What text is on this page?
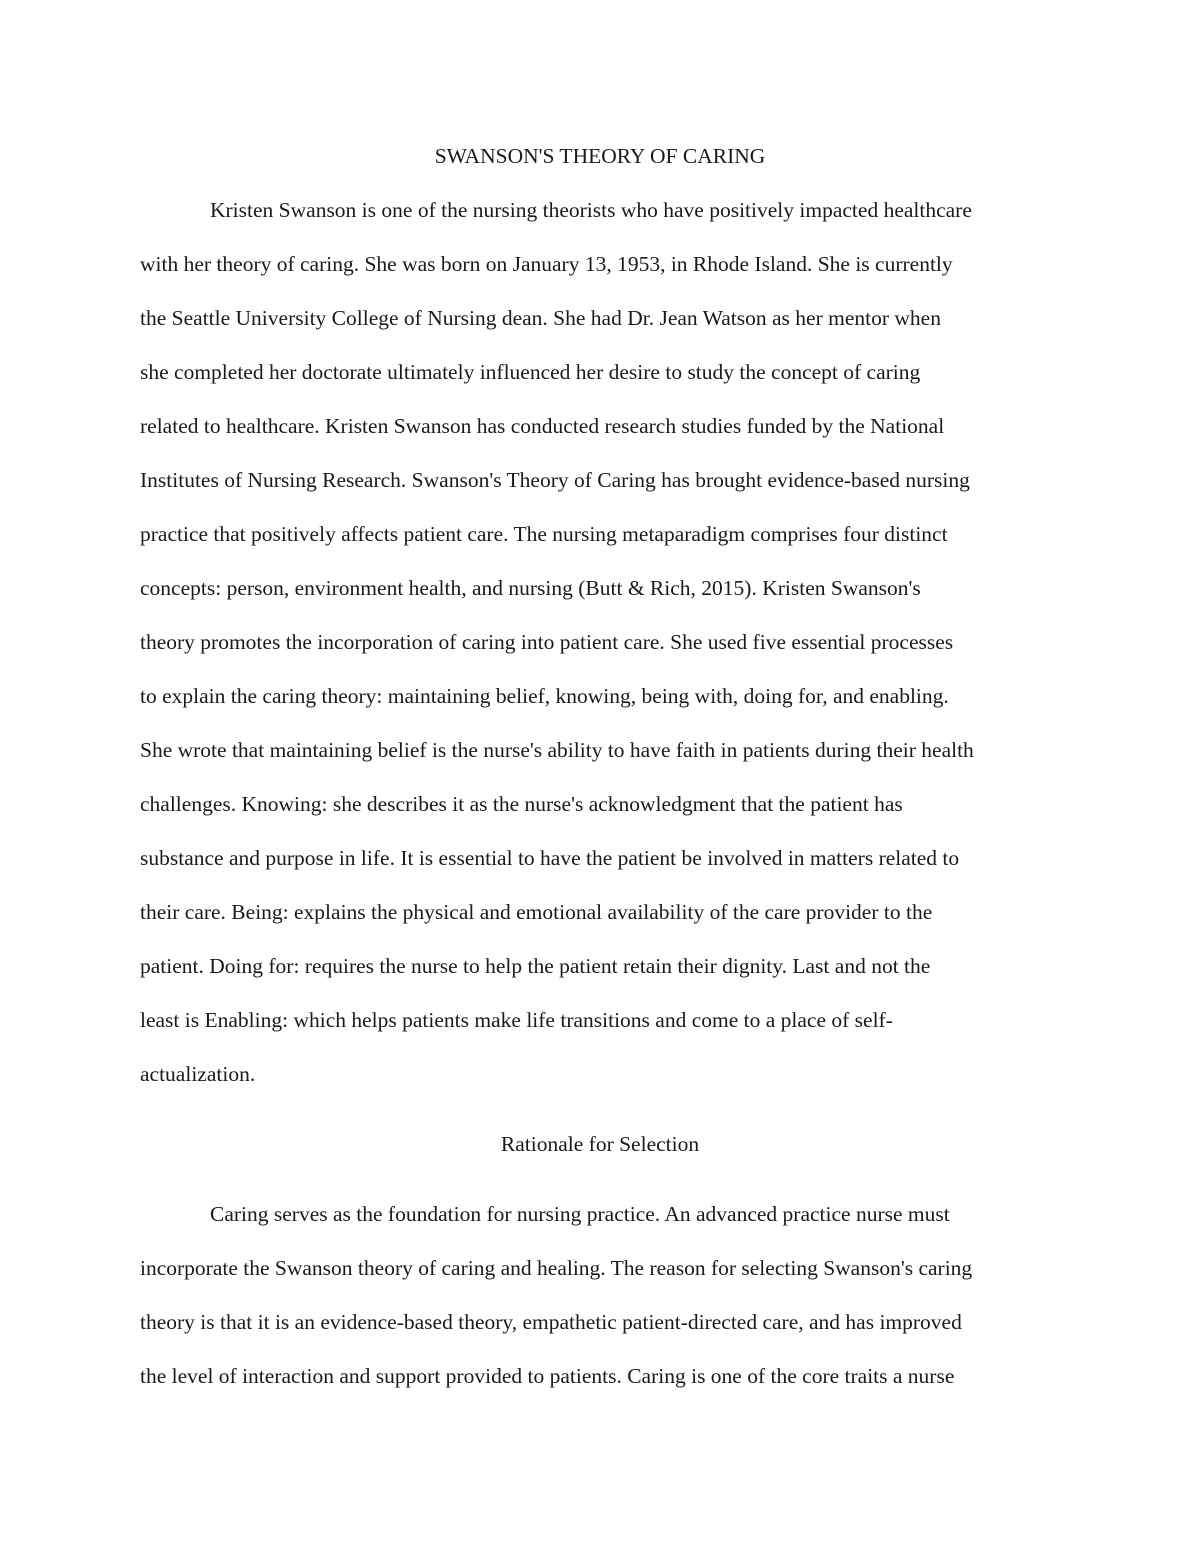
SWANSON'S THEORY OF CARING
Kristen Swanson is one of the nursing theorists who have positively impacted healthcare
with her theory of caring. She was born on January 13, 1953, in Rhode Island. She is currently
the Seattle University College of Nursing dean. She had Dr. Jean Watson as her mentor when
she completed her doctorate ultimately influenced her desire to study the concept of caring
related to healthcare. Kristen Swanson has conducted research studies funded by the National
Institutes of Nursing Research. Swanson's Theory of Caring has brought evidence-based nursing
practice that positively affects patient care. The nursing metaparadigm comprises four distinct
concepts: person, environment health, and nursing (Butt & Rich, 2015). Kristen Swanson's
theory promotes the incorporation of caring into patient care. She used five essential processes
to explain the caring theory: maintaining belief, knowing, being with, doing for, and enabling.
She wrote that maintaining belief is the nurse's ability to have faith in patients during their health
challenges. Knowing: she describes it as the nurse's acknowledgment that the patient has
substance and purpose in life. It is essential to have the patient be involved in matters related to
their care. Being: explains the physical and emotional availability of the care provider to the
patient. Doing for: requires the nurse to help the patient retain their dignity. Last and not the
least is Enabling: which helps patients make life transitions and come to a place of self-
actualization.
Rationale for Selection
Caring serves as the foundation for nursing practice. An advanced practice nurse must
incorporate the Swanson theory of caring and healing. The reason for selecting Swanson's caring
theory is that it is an evidence-based theory, empathetic patient-directed care, and has improved
the level of interaction and support provided to patients. Caring is one of the core traits a nurse
